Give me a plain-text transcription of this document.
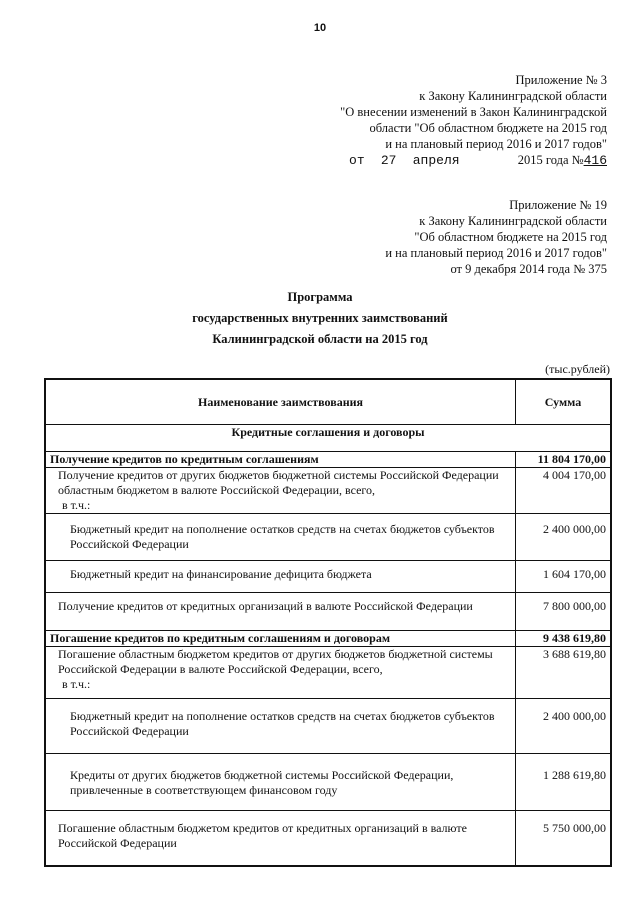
10
Приложение № 3
к Закону Калининградской области
"О внесении изменений в Закон Калининградской
области "Об областном бюджете на 2015 год
и на плановый период 2016 и 2017 годов"
от 27 апреля	2015 года №416
Приложение № 19
к Закону Калининградской области
"Об областном бюджете на 2015 год
и на плановый период 2016 и 2017 годов"
от 9 декабря 2014 года № 375
Программа
государственных внутренних заимствований
Калининградской области на 2015 год
(тыс.рублей)
Наименование заимствования	Сумма
Кредитные соглашения и договоры	
Получение кредитов по кредитным соглашениям	11 804 170,00

Получение кредитов от других бюджетов бюджетной системы Российской Федерации областным бюджетом в валюте Российской Федерации, всего,
в т.ч.:	4 004 170,00
Бюджетный кредит на пополнение остатков средств на счетах бюджетов субъектов Российской Федерации	2 400 000,00
Бюджетный кредит на финансирование дефицита бюджета	1 604 170,00
Получение кредитов от кредитных организаций в валюте Российской Федерации	7 800 000,00
Погашение кредитов по кредитным соглашениям и договорам	9 438 619,80

Погашение областным бюджетом кредитов от других бюджетов бюджетной системы Российской Федерации в валюте Российской Федерации, всего,
в т.ч.:	3 688 619,80
Бюджетный кредит на пополнение остатков средств на счетах бюджетов субъектов Российской Федерации	2 400 000,00
Кредиты от других бюджетов бюджетной системы Российской Федерации, привлеченные в соответствующем финансовом году	1 288 619,80
Погашение областным бюджетом кредитов от кредитных организаций в валюте Российской Федерации	5 750 000,00
